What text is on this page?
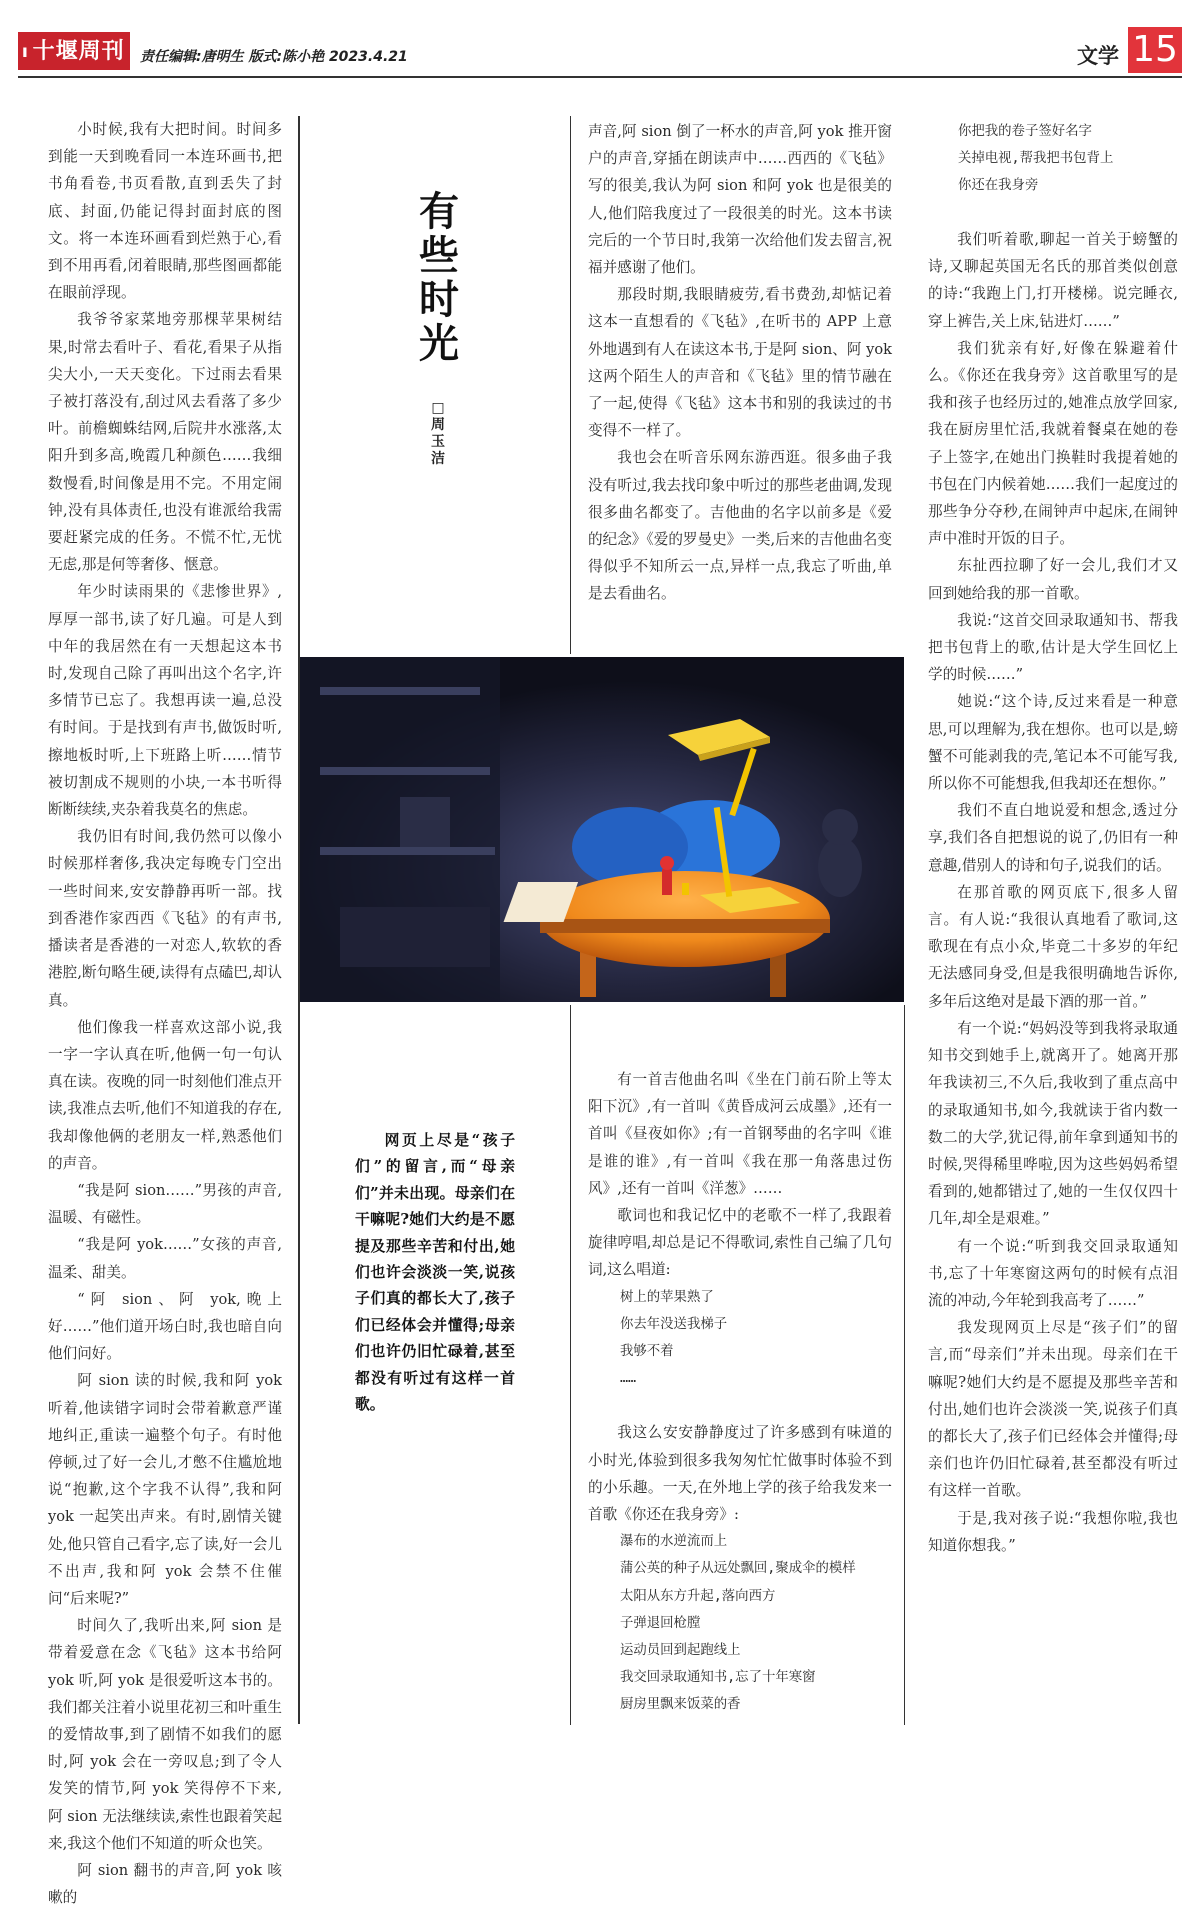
▌十堰周刊	责任编辑:唐明生 版式:陈小艳 2023.4.21	文学 15

小时候,我有大把时间。时间多到能一天到晚看同一本连环画书,把书角看卷,书页看散,直到丢失了封底、封面,仍能记得封面封底的图文。将一本连环画看到烂熟于心,看到不用再看,闭着眼睛,那些图画都能在眼前浮现。

我爷爷家菜地旁那棵苹果树结果,时常去看叶子、看花,看果子从指尖大小,一天天变化。下过雨去看果子被打落没有,刮过风去看落了多少叶。前檐蜘蛛结网,后院井水涨落,太阳升到多高,晚霞几种颜色……我细数慢看,时间像是用不完。不用定闹钟,没有具体责任,也没有谁派给我需要赶紧完成的任务。不慌不忙,无忧无虑,那是何等奢侈、惬意。

年少时读雨果的《悲惨世界》,厚厚一部书,读了好几遍。可是人到中年的我居然在有一天想起这本书时,发现自己除了再叫出这个名字,许多情节已忘了。我想再读一遍,总没有时间。于是找到有声书,做饭时听,擦地板时听,上下班路上听……情节被切割成不规则的小块,一本书听得断断续续,夹杂着我莫名的焦虑。

我仍旧有时间,我仍然可以像小时候那样奢侈,我决定每晚专门空出一些时间来,安安静静再听一部。找到香港作家西西《飞毡》的有声书,播读者是香港的一对恋人,软软的香港腔,断句略生硬,读得有点磕巴,却认真。

他们像我一样喜欢这部小说,我一字一字认真在听,他俩一句一句认真在读。夜晚的同一时刻他们准点开读,我准点去听,他们不知道我的存在,我却像他俩的老朋友一样,熟悉他们的声音。

“我是阿 sion……”男孩的声音,温暖、有磁性。

“我是阿 yok……”女孩的声音,温柔、甜美。

“阿 sion、阿 yok,晚上好……”他们道开场白时,我也暗自向他们问好。

阿 sion 读的时候,我和阿 yok 听着,他读错字词时会带着歉意严谨地纠正,重读一遍整个句子。有时他停顿,过了好一会儿,才憋不住尴尬地说“抱歉,这个字我不认得”,我和阿 yok 一起笑出声来。有时,剧情关键处,他只管自己看字,忘了读,好一会儿不出声,我和阿 yok 会禁不住催问“后来呢?”

时间久了,我听出来,阿 sion 是带着爱意在念《飞毡》这本书给阿 yok 听,阿 yok 是很爱听这本书的。我们都关注着小说里花初三和叶重生的爱情故事,到了剧情不如我们的愿时,阿 yok 会在一旁叹息;到了令人发笑的情节,阿 yok 笑得停不下来,阿 sion 无法继续读,索性也跟着笑起来,我这个他们不知道的听众也笑。

阿 sion 翻书的声音,阿 yok 咳嗽的

有
些
时
光
□
周
玉
洁
网页上尽是“孩子们”的留言,而“母亲们”并未出现。母亲们在干嘛呢?她们大约是不愿提及那些辛苦和付出,她们也许会淡淡一笑,说孩子们真的都长大了,孩子们已经体会并懂得;母亲们也许仍旧忙碌着,甚至都没有听过有这样一首歌。

声音,阿 sion 倒了一杯水的声音,阿 yok 推开窗户的声音,穿插在朗读声中……西西的《飞毡》写的很美,我认为阿 sion 和阿 yok 也是很美的人,他们陪我度过了一段很美的时光。这本书读完后的一个节日时,我第一次给他们发去留言,祝福并感谢了他们。

那段时期,我眼睛疲劳,看书费劲,却惦记着这本一直想看的《飞毡》,在听书的 APP 上意外地遇到有人在读这本书,于是阿 sion、阿 yok 这两个陌生人的声音和《飞毡》里的情节融在了一起,使得《飞毡》这本书和别的我读过的书变得不一样了。

我也会在听音乐网东游西逛。很多曲子我没有听过,我去找印象中听过的那些老曲调,发现很多曲名都变了。吉他曲的名字以前多是《爱的纪念》《爱的罗曼史》一类,后来的吉他曲名变得似乎不知所云一点,异样一点,我忘了听曲,单是去看曲名。

有一首吉他曲名叫《坐在门前石阶上等太阳下沉》,有一首叫《黄昏成河云成墨》,还有一首叫《昼夜如你》;有一首钢琴曲的名字叫《谁是谁的谁》,有一首叫《我在那一角落患过伤风》,还有一首叫《洋葱》……

歌词也和我记忆中的老歌不一样了,我跟着旋律哼唱,却总是记不得歌词,索性自己编了几句词,这么唱道:

树上的苹果熟了
你去年没送我梯子
我够不着
……

我这么安安静静度过了许多感到有味道的小时光,体验到很多我匆匆忙忙做事时体验不到的小乐趣。一天,在外地上学的孩子给我发来一首歌《你还在我身旁》:

瀑布的水逆流而上
蒲公英的种子从远处飘回,聚成伞的模样
太阳从东方升起,落向西方
子弹退回枪膛
运动员回到起跑线上
我交回录取通知书,忘了十年寒窗
厨房里飘来饭菜的香
你把我的卷子签好名字
关掉电视,帮我把书包背上
你还在我身旁

我们听着歌,聊起一首关于螃蟹的诗,又聊起英国无名氏的那首类似创意的诗:“我跑上门,打开楼梯。说完睡衣,穿上裤告,关上床,钻进灯……”

我们犹亲有好,好像在躲避着什么。《你还在我身旁》这首歌里写的是我和孩子也经历过的,她准点放学回家,我在厨房里忙活,我就着餐桌在她的卷子上签字,在她出门换鞋时我提着她的书包在门内候着她……我们一起度过的那些争分夺秒,在闹钟声中起床,在闹钟声中准时开饭的日子。

东扯西拉聊了好一会儿,我们才又回到她给我的那一首歌。

我说:“这首交回录取通知书、帮我把书包背上的歌,估计是大学生回忆上学的时候……”

她说:“这个诗,反过来看是一种意思,可以理解为,我在想你。也可以是,螃蟹不可能剥我的壳,笔记本不可能写我,所以你不可能想我,但我却还在想你。”

我们不直白地说爱和想念,透过分享,我们各自把想说的说了,仍旧有一种意趣,借别人的诗和句子,说我们的话。

在那首歌的网页底下,很多人留言。有人说:“我很认真地看了歌词,这歌现在有点小众,毕竟二十多岁的年纪无法感同身受,但是我很明确地告诉你,多年后这绝对是最下酒的那一首。”

有一个说:“妈妈没等到我将录取通知书交到她手上,就离开了。她离开那年我读初三,不久后,我收到了重点高中的录取通知书,如今,我就读于省内数一数二的大学,犹记得,前年拿到通知书的时候,哭得稀里哗啦,因为这些妈妈希望看到的,她都错过了,她的一生仅仅四十几年,却全是艰难。”

有一个说:“听到我交回录取通知书,忘了十年寒窗这两句的时候有点泪流的冲动,今年轮到我高考了……”

我发现网页上尽是“孩子们”的留言,而“母亲们”并未出现。母亲们在干嘛呢?她们大约是不愿提及那些辛苦和付出,她们也许会淡淡一笑,说孩子们真的都长大了,孩子们已经体会并懂得;母亲们也许仍旧忙碌着,甚至都没有听过有这样一首歌。

于是,我对孩子说:“我想你啦,我也知道你想我。”
